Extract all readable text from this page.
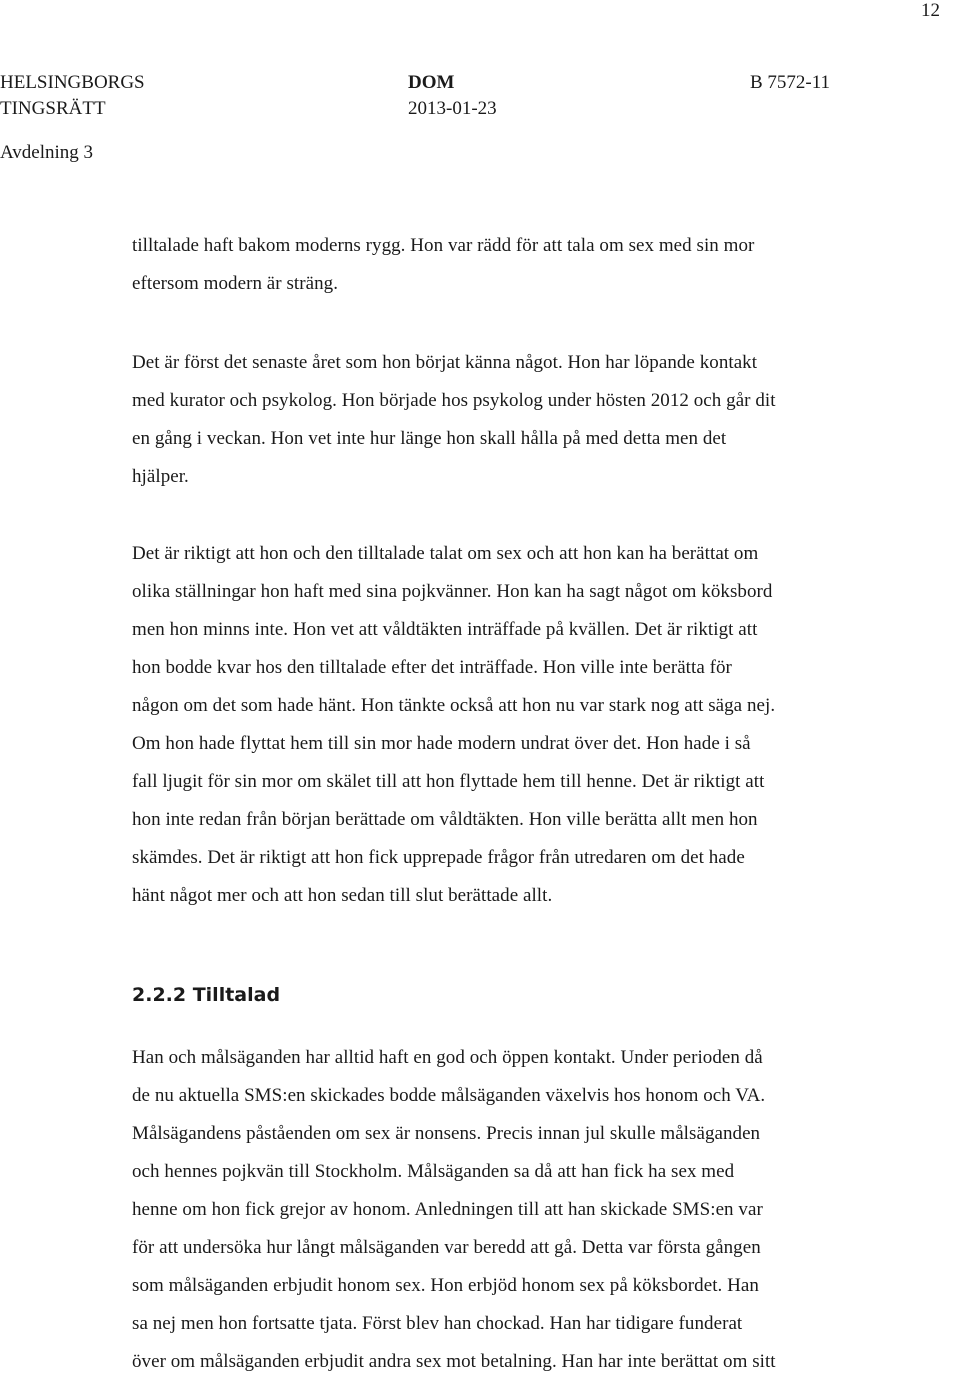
12
HELSINGBORGS
TINGSRÄTT
DOM
2013-01-23
B 7572-11
Avdelning 3
tilltalade haft bakom moderns rygg. Hon var rädd för att tala om sex med sin mor
eftersom modern är sträng.
Det är först det senaste året som hon börjat känna något. Hon har löpande kontakt
med kurator och psykolog. Hon började hos psykolog under hösten 2012 och går dit
en gång i veckan. Hon vet inte hur länge hon skall hålla på med detta men det
hjälper.
Det är riktigt att hon och den tilltalade talat om sex och att hon kan ha berättat om
olika ställningar hon haft med sina pojkvänner. Hon kan ha sagt något om köksbord
men hon minns inte. Hon vet att våldtäkten inträffade på kvällen. Det är riktigt att
hon bodde kvar hos den tilltalade efter det inträffade. Hon ville inte berätta för
någon om det som hade hänt. Hon tänkte också att hon nu var stark nog att säga nej.
Om hon hade flyttat hem till sin mor hade modern undrat över det. Hon hade i så
fall ljugit för sin mor om skälet till att hon flyttade hem till henne. Det är riktigt att
hon inte redan från början berättade om våldtäkten. Hon ville berätta allt men hon
skämdes. Det är riktigt att hon fick upprepade frågor från utredaren om det hade
hänt något mer och att hon sedan till slut berättade allt.
2.2.2 Tilltalad
Han och målsäganden har alltid haft en god och öppen kontakt. Under perioden då
de nu aktuella SMS:en skickades bodde målsäganden växelvis hos honom och VA.
Målsägandens påståenden om sex är nonsens. Precis innan jul skulle målsäganden
och hennes pojkvän till Stockholm. Målsäganden sa då att han fick ha sex med
henne om hon fick grejor av honom. Anledningen till att han skickade SMS:en var
för att undersöka hur långt målsäganden var beredd att gå. Detta var första gången
som målsäganden erbjudit honom sex. Hon erbjöd honom sex på köksbordet. Han
sa nej men hon fortsatte tjata. Först blev han chockad. Han har tidigare funderat
över om målsäganden erbjudit andra sex mot betalning. Han har inte berättat om sitt
